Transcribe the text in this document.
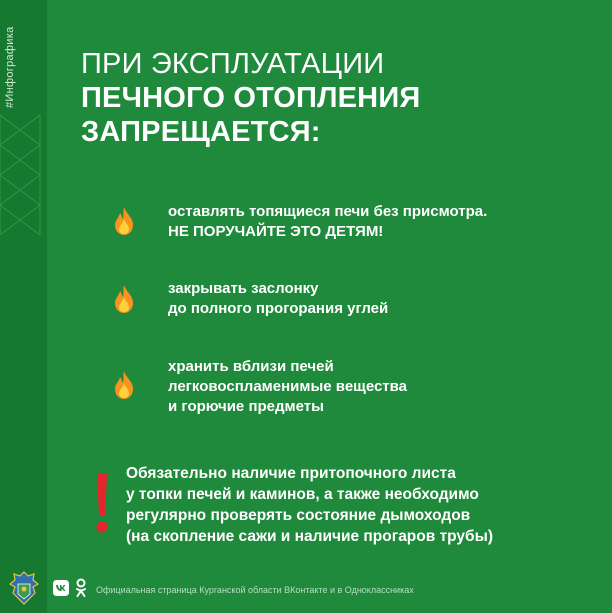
#Инфографика ПРИ ЭКСПЛУАТАЦИИ
ПЕЧНОГО ОТОПЛЕНИЯ
ЗАПРЕЩАЕТСЯ:
оставлять топящиеся печи без присмотра.
НЕ ПОРУЧАЙТЕ ЭТО ДЕТЯМ!
закрывать заслонку
до полного прогорания углей
хранить вблизи печей
легковоспламенимые вещества
и горючие предметы
Обязательно наличие притопочного листа
у топки печей и каминов, а также необходимо
регулярно проверять состояние дымоходов
(на скопление сажи и наличие прогаров трубы)
Официальная страница Курганской области ВКонтакте и в Одноклассниках
